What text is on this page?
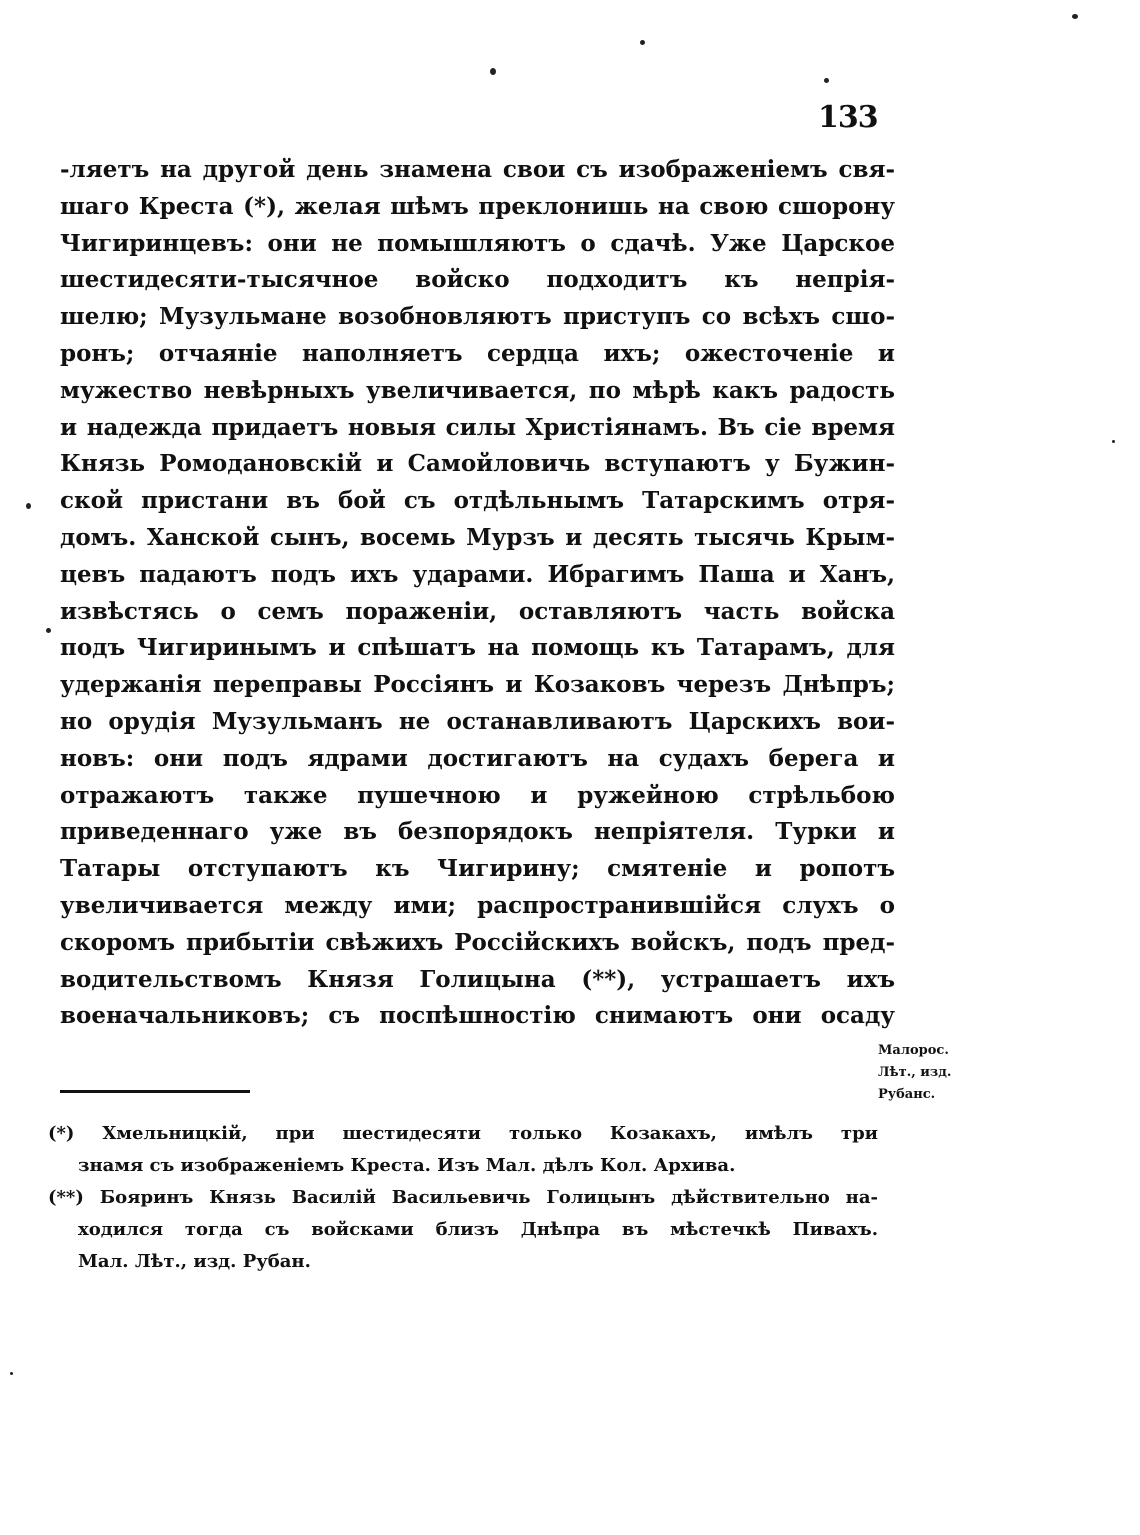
133
-ляетъ на другой день знамена свои съ изображеніемъ свя-
шаго Креста (*), желая шѣмъ преклонишь на свою сшорону
Чигиринцевъ: они не помышляютъ о сдачѣ. Уже Царское
шестидесяти-тысячное войско подходитъ къ непрія-
шелю; Музульмане возобновляютъ приступъ со всѣхъ сшо-
ронъ; отчаяніе наполняетъ сердца ихъ; ожесточеніе и
мужество невѣрныхъ увеличивается, по мѣрѣ какъ радость
и надежда придаетъ новыя силы Христіянамъ. Въ сіе время
Князь Ромодановскій и Самойловичь вступаютъ у Бужин-
ской пристани въ бой съ отдѣльнымъ Татарскимъ отря-
домъ. Ханской сынъ, восемь Мурзъ и десять тысячь Крым-
цевъ падаютъ подъ ихъ ударами. Ибрагимъ Паша и Ханъ,
извѣстясь о семъ пораженіи, оставляютъ часть войска
подъ Чигиринымъ и спѣшатъ на помощь къ Татарамъ, для
удержанія переправы Россіянъ и Козаковъ черезъ Днѣпръ;
но орудія Музульманъ не останавливаютъ Царскихъ вои-
новъ: они подъ ядрами достигаютъ на судахъ берега и
отражаютъ также пушечною и ружейною стрѣльбою
приведеннаго уже въ безпорядокъ непріятеля. Турки и
Татары отступаютъ къ Чигирину; смятеніе и ропотъ
увеличивается между ими; распространившійся слухъ о
скоромъ прибытіи свѣжихъ Россійскихъ войскъ, подъ пред-
водительствомъ Князя Голицына (**), устрашаетъ ихъ
военачальниковъ; съ поспѣшностію снимаютъ они осаду
Малорос.
Лѣт., изд.
Рубанс.
(*) Хмельницкій, при шестидесяти только Козакахъ, имѣлъ три
знамя съ изображеніемъ Креста. Изъ Мал. дѣлъ Кол. Архива.
(**) Бояринъ Князь Василій Васильевичь Голицынъ дѣйствительно на-
ходился тогда съ войсками близъ Днѣпра въ мѣстечкѣ Пивахъ.
Мал. Лѣт., изд. Рубан.
